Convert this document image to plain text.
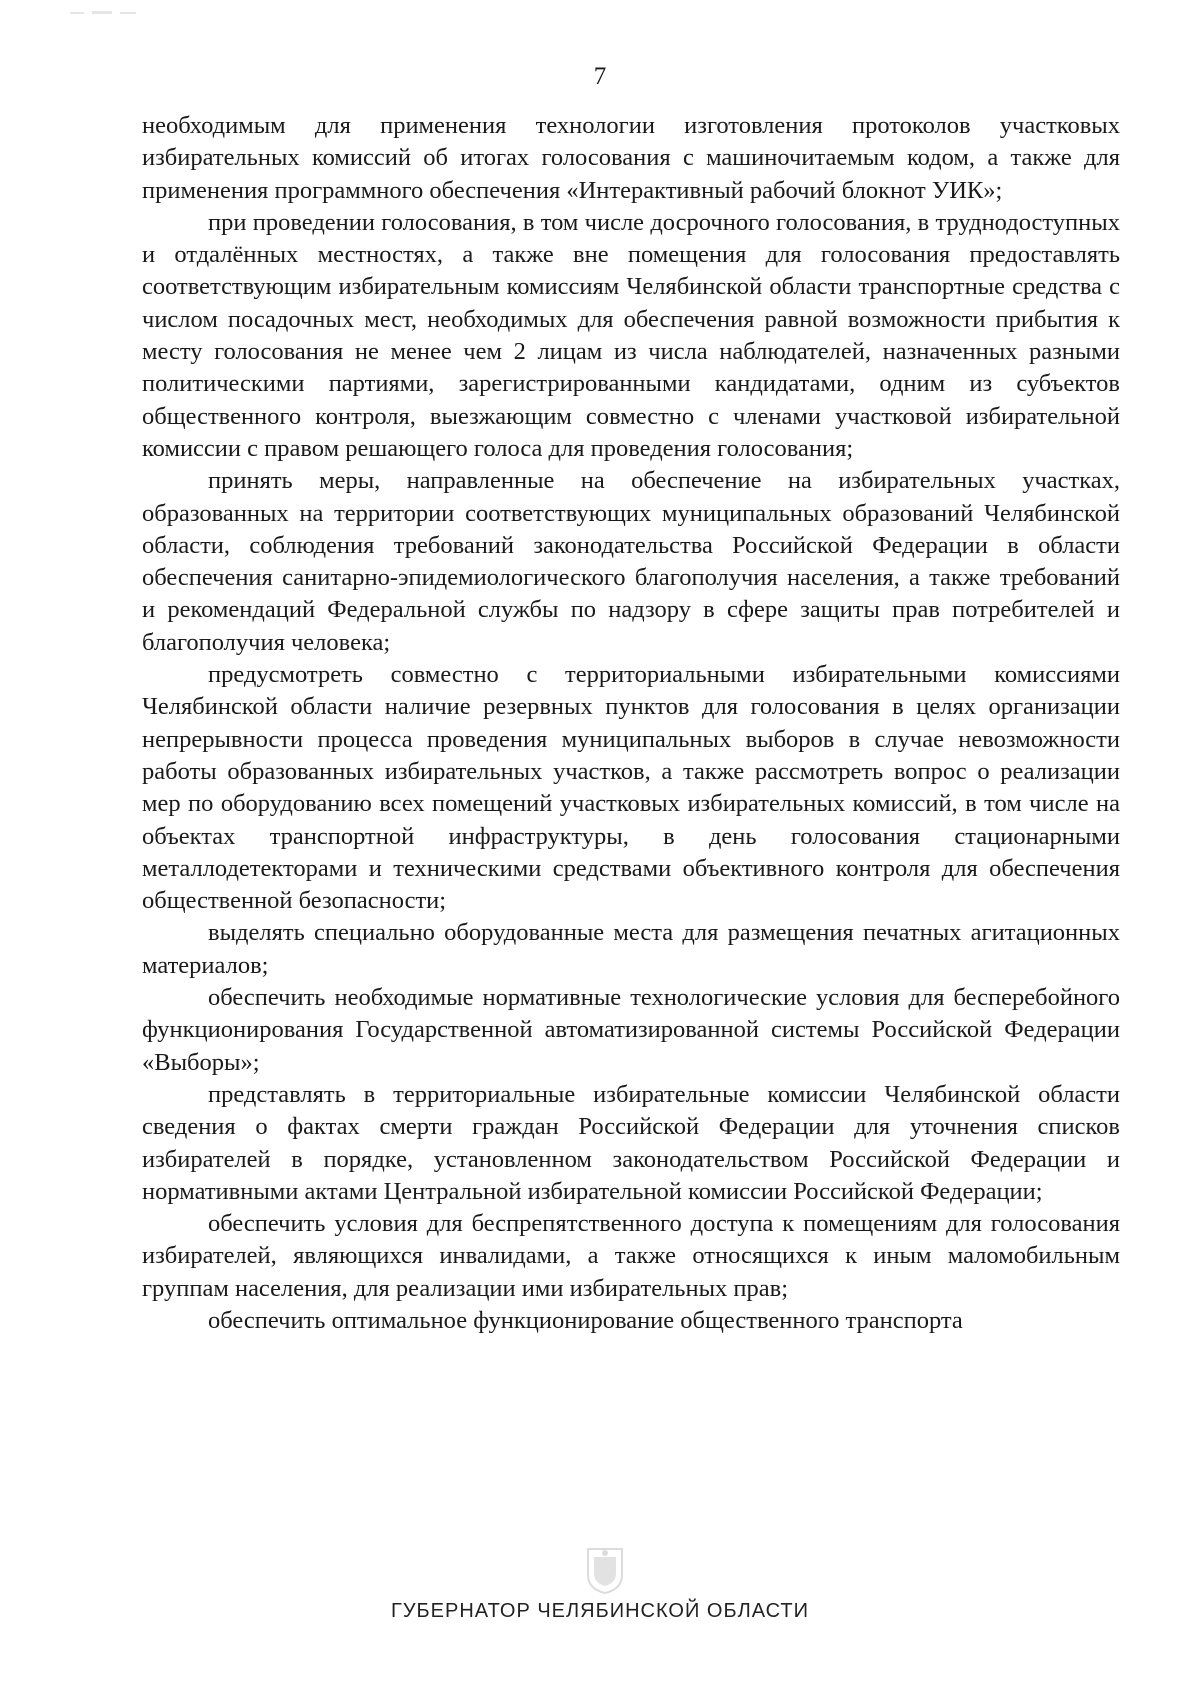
7

необходимым для применения технологии изготовления протоколов участковых избирательных комиссий об итогах голосования с машиночитаемым кодом, а также для применения программного обеспечения «Интерактивный рабочий блокнот УИК»;

при проведении голосования, в том числе досрочного голосования, в труднодоступных и отдалённых местностях, а также вне помещения для голосования предоставлять соответствующим избирательным комиссиям Челябинской области транспортные средства с числом посадочных мест, необходимых для обеспечения равной возможности прибытия к месту голосования не менее чем 2 лицам из числа наблюдателей, назначенных разными политическими партиями, зарегистрированными кандидатами, одним из субъектов общественного контроля, выезжающим совместно с членами участковой избирательной комиссии с правом решающего голоса для проведения голосования;

принять меры, направленные на обеспечение на избирательных участках, образованных на территории соответствующих муниципальных образований Челябинской области, соблюдения требований законодательства Российской Федерации в области обеспечения санитарно-эпидемиологического благополучия населения, а также требований и рекомендаций Федеральной службы по надзору в сфере защиты прав потребителей и благополучия человека;

предусмотреть совместно с территориальными избирательными комиссиями Челябинской области наличие резервных пунктов для голосования в целях организации непрерывности процесса проведения муниципальных выборов в случае невозможности работы образованных избирательных участков, а также рассмотреть вопрос о реализации мер по оборудованию всех помещений участковых избирательных комиссий, в том числе на объектах транспортной инфраструктуры, в день голосования стационарными металлодетекторами и техническими средствами объективного контроля для обеспечения общественной безопасности;

выделять специально оборудованные места для размещения печатных агитационных материалов;

обеспечить необходимые нормативные технологические условия для бесперебойного функционирования Государственной автоматизированной системы Российской Федерации «Выборы»;

представлять в территориальные избирательные комиссии Челябинской области сведения о фактах смерти граждан Российской Федерации для уточнения списков избирателей в порядке, установленном законодательством Российской Федерации и нормативными актами Центральной избирательной комиссии Российской Федерации;

обеспечить условия для беспрепятственного доступа к помещениям для голосования избирателей, являющихся инвалидами, а также относящихся к иным маломобильным группам населения, для реализации ими избирательных прав;

обеспечить оптимальное функционирование общественного транспорта

ГУБЕРНАТОР ЧЕЛЯБИНСКОЙ ОБЛАСТИ
